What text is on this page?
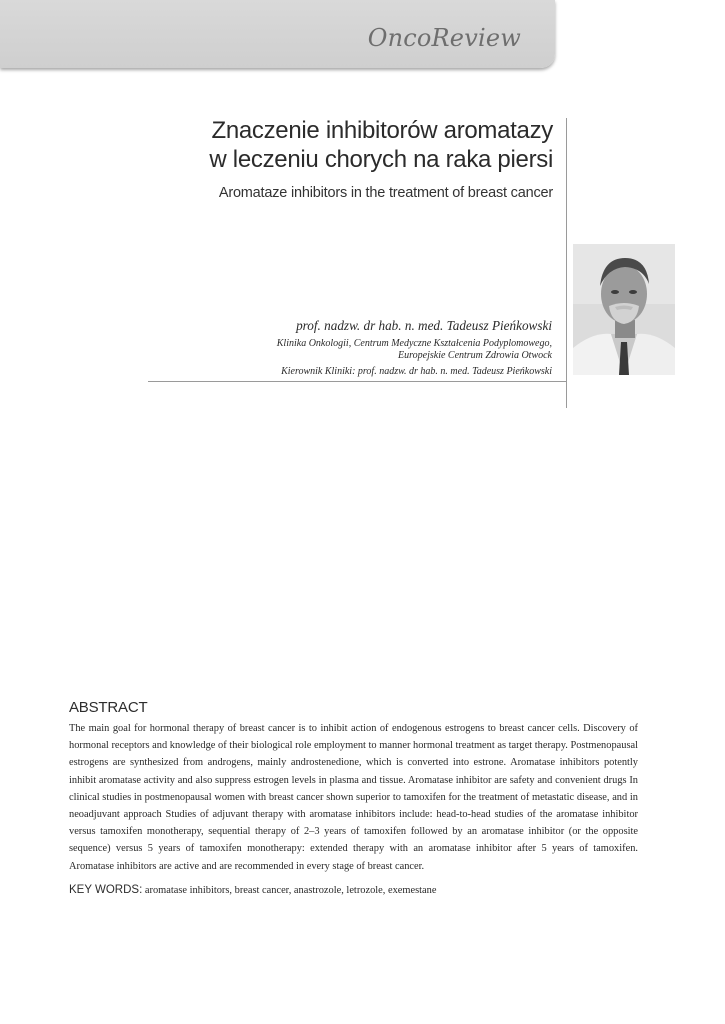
OncoReview
Znaczenie inhibitorów aromatazy
w leczeniu chorych na raka piersi
Aromataze inhibitors in the treatment of breast cancer
prof. nadzw. dr hab. n. med. Tadeusz Pieńkowski
Klinika Onkologii, Centrum Medyczne Kształcenia Podyplomowego,
Europejskie Centrum Zdrowia Otwock
Kierownik Kliniki: prof. nadzw. dr hab. n. med. Tadeusz Pieńkowski
ABSTRACT
The main goal for hormonal therapy of breast cancer is to inhibit action of endogenous estrogens to breast cancer cells. Discovery of hormonal receptors and knowledge of their biological role employment to manner hormonal treatment as target therapy. Postmenopausal estrogens are synthesized from androgens, mainly androstenedione, which is converted into estrone. Aromatase inhibitors potently inhibit aromatase activity and also suppress estrogen levels in plasma and tissue. Aromatase inhibitor are safety and convenient drugs In clinical studies in postmenopausal women with breast cancer shown superior to tamoxifen for the treatment of metastatic disease, and in neoadjuvant approach Studies of adjuvant therapy with aromatase inhibitors include: head-to-head studies of the aromatase inhibitor versus tamoxifen monotherapy, sequential therapy of 2–3 years of tamoxifen followed by an aromatase inhibitor (or the opposite sequence) versus 5 years of tamoxifen monotherapy: extended therapy with an aromatase inhibitor after 5 years of tamoxifen. Aromatase inhibitors are active and are recommended in every stage of breast cancer.
KEY WORDS: aromatase inhibitors, breast cancer, anastrozole, letrozole, exemestane
